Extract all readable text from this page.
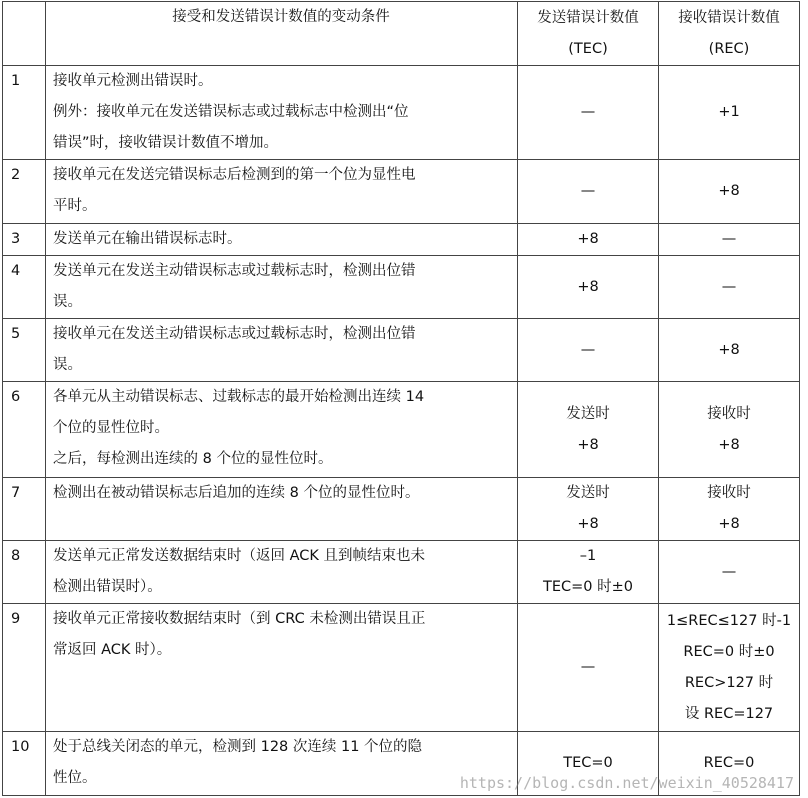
	接受和发送错误计数值的变动条件	发送错误计数值
(TEC)	接收错误计数值
(REC)

1	接收单元检测出错误时。
例外：接收单元在发送错误标志或过载标志中检测出“位
错误”时，接收错误计数值不增加。	—	+1

2	接收单元在发送完错误标志后检测到的第一个位为显性电
平时。	—	+8

3	发送单元在输出错误标志时。	+8	—

4	发送单元在发送主动错误标志或过载标志时，检测出位错
误。	+8	—

5	接收单元在发送主动错误标志或过载标志时，检测出位错
误。	—	+8

6	各单元从主动错误标志、过载标志的最开始检测出连续 14
个位的显性位时。
之后，每检测出连续的 8 个位的显性位时。	发送时
+8	接收时
+8

7	检测出在被动错误标志后追加的连续 8 个位的显性位时。	发送时
+8	接收时
+8

8	发送单元正常发送数据结束时（返回 ACK 且到帧结束也未
检测出错误时）。	–1
TEC=0 时±0	—

9	接收单元正常接收数据结束时（到 CRC 未检测出错误且正
常返回 ACK 时）。	—	1≤REC≤127 时-1
REC=0 时±0
REC>127 时
设 REC=127

10	处于总线关闭态的单元，检测到 128 次连续 11 个位的隐
性位。	TEC=0	REC=0
https://blog.csdn.net/weixin_40528417
